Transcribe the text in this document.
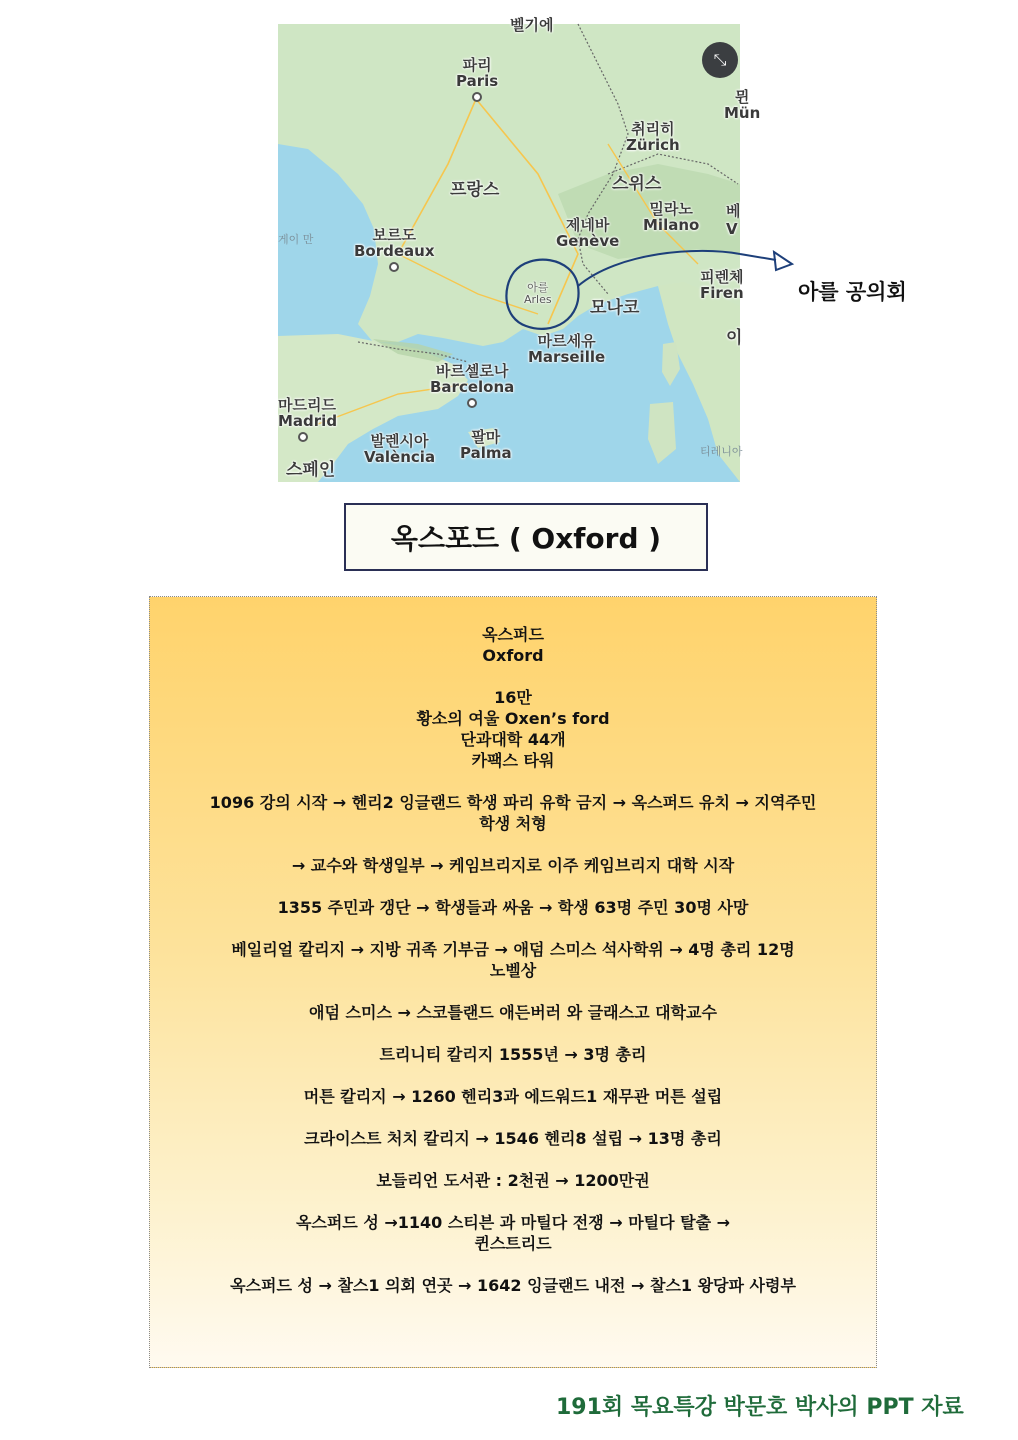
벨기에
파리
Paris

뮌
Mün
취리히
Zürich
프랑스	스위스
밀라노
Milano
제네바
Genève
게이 만	보르도
Bordeaux

피렌체
Firen
아를
Arles 모나코
마르세유
Marseille
바르셀로나
Barcelona

마드리드
Madrid

발렌시아
València
팔마
Palma
스페인
티레니아
베
V
이
⤡
아를 공의회
옥스포드 ( Oxford )
옥스퍼드
Oxford
16만
황소의 여울 Oxen’s ford
단과대학 44개
카팩스 타워
1096 강의 시작 → 헨리2 잉글랜드 학생 파리 유학 금지 → 옥스퍼드 유치 → 지역주민
학생 처형
→ 교수와 학생일부 → 케임브리지로 이주 케임브리지 대학 시작
1355 주민과 갱단 → 학생들과 싸움 → 학생 63명 주민 30명 사망
베일리얼 칼리지 → 지방 귀족 기부금 → 애덤 스미스 석사학위 → 4명 총리 12명
노벨상
애덤 스미스 → 스코틀랜드 애든버러 와 글래스고 대학교수
트리니티 칼리지 1555년 → 3명 총리
머튼 칼리지 → 1260 헨리3과 에드워드1 재무관 머튼 설립
크라이스트 처치 칼리지 → 1546 헨리8 설립 → 13명 총리
보들리언 도서관 : 2천권 → 1200만권
옥스퍼드 성 →1140 스티븐 과 마틸다 전쟁 → 마틸다 탈출 →
퀸스트리드
옥스퍼드 성 → 찰스1 의회 연곳 → 1642 잉글랜드 내전 → 찰스1 왕당파 사령부
191회 목요특강 박문호 박사의 PPT 자료
